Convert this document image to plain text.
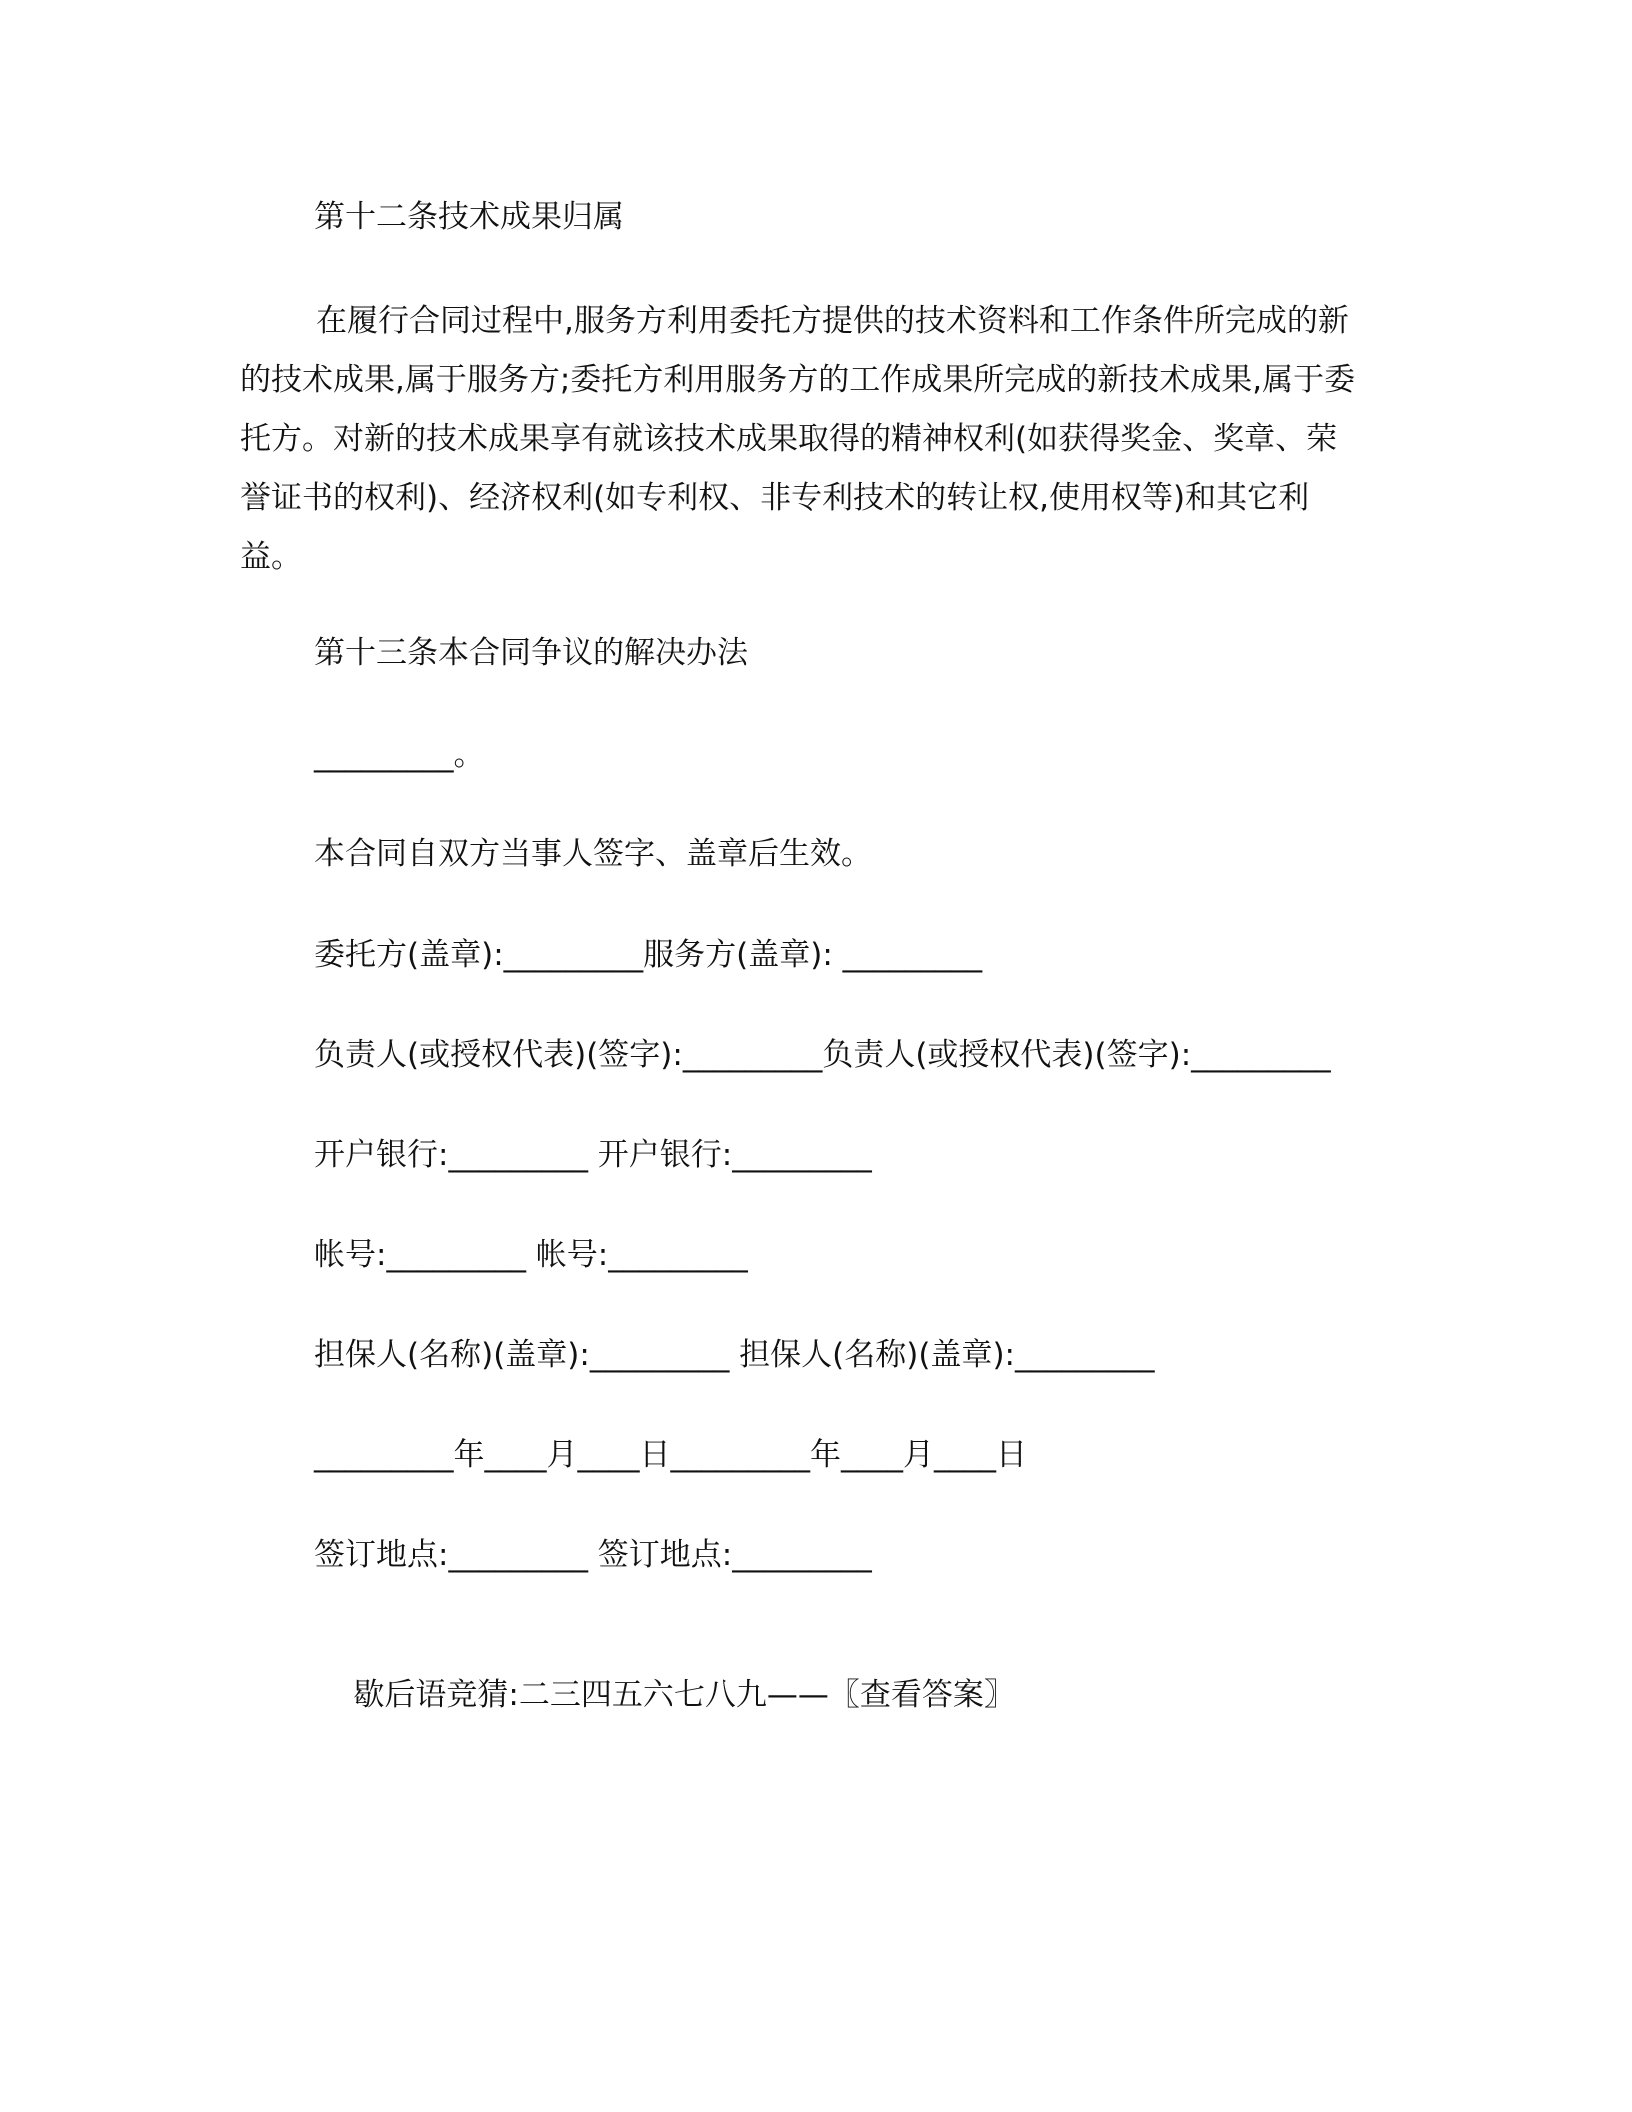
第十二条技术成果归属
在履行合同过程中,服务方利用委托方提供的技术资料和工作条件所完成的新
的技术成果,属于服务方;委托方利用服务方的工作成果所完成的新技术成果,属于委
托方。对新的技术成果享有就该技术成果取得的精神权利(如获得奖金、奖章、荣
誉证书的权利)、经济权利(如专利权、非专利技术的转让权,使用权等)和其它利
益。
第十三条本合同争议的解决办法
_________。
本合同自双方当事人签字、盖章后生效。
委托方(盖章):_________服务方(盖章): _________
负责人(或授权代表)(签字):_________负责人(或授权代表)(签字):_________
开户银行:_________ 开户银行:_________
帐号:_________ 帐号:_________
担保人(名称)(盖章):_________ 担保人(名称)(盖章):_________
_________年____月____日_________年____月____日
签订地点:_________ 签订地点:_________

歇后语竞猜:二三四五六七八九——〖查看答案〗
